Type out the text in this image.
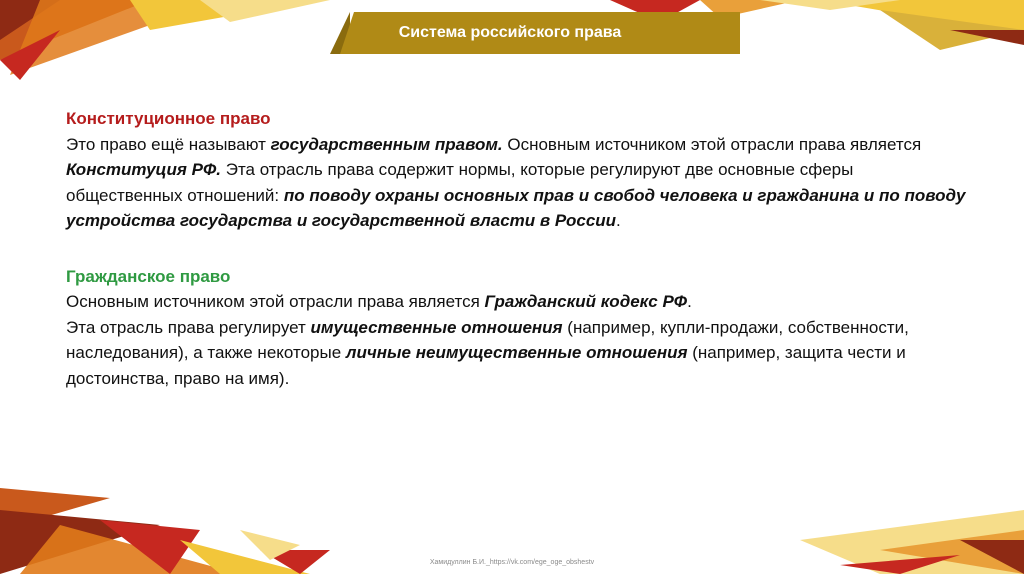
Система российского права

Конституционное право

Это право ещё называют государственным правом. Основным источником этой отрасли права является Конституция РФ. Эта отрасль права содержит нормы, которые регулируют две основные сферы общественных отношений: по поводу охраны основных прав и свобод человека и гражданина и по поводу устройства государства и государственной власти в России.

Гражданское право

Основным источником этой отрасли права является Гражданский кодекс РФ.

Эта отрасль права регулирует имущественные отношения (например, купли-продажи, собственности, наследования), а также некоторые личные неимущественные отношения (например, защита чести и достоинства, право на имя).

Хамидуллин Б.И._https://vk.com/ege_oge_obshestv
